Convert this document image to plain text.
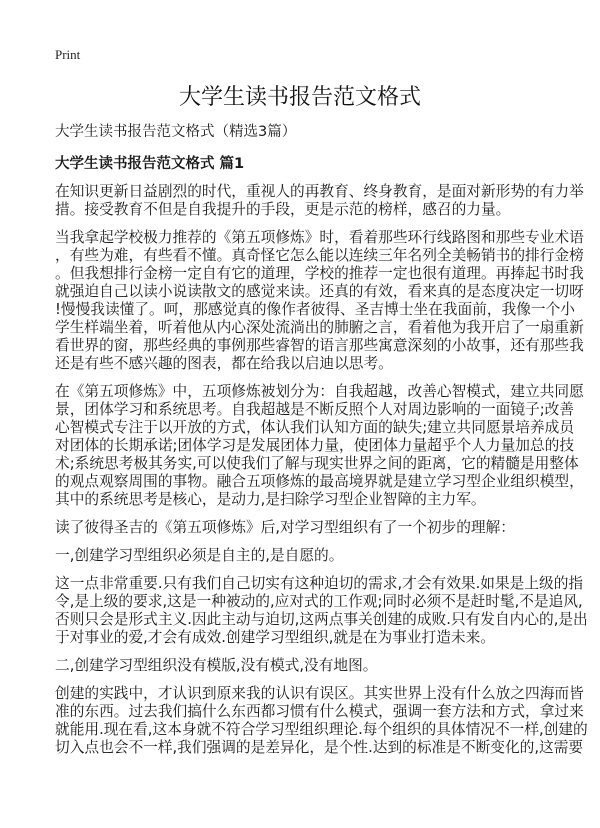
Print
大学生读书报告范文格式
大学生读书报告范文格式（精选3篇）
大学生读书报告范文格式 篇1

在知识更新日益剧烈的时代，重视人的再教育、终身教育，是面对新形势的有力举
措。接受教育不但是自我提升的手段，更是示范的榜样，感召的力量。

当我拿起学校极力推荐的《第五项修炼》时，看着那些环行线路图和那些专业术语
，有些为难，有些看不懂。真奇怪它怎么能以连续三年名列全美畅销书的排行金榜
。但我想排行金榜一定自有它的道理，学校的推荐一定也很有道理。再捧起书时我
就强迫自己以读小说读散文的感觉来读。还真的有效，看来真的是态度决定一切呀
!慢慢我读懂了。呵，那感觉真的像作者彼得、圣吉博士坐在我面前，我像一个小
学生样端坐着，听着他从内心深处流淌出的肺腑之言，看着他为我开启了一扇重新
看世界的窗，那些经典的事例那些睿智的语言那些寓意深刻的小故事，还有那些我
还是有些不感兴趣的图表，都在给我以启迪以思考。

在《第五项修炼》中，五项修炼被划分为：自我超越，改善心智模式，建立共同愿
景，团体学习和系统思考。自我超越是不断反照个人对周边影响的一面镜子;改善
心智模式专注于以开放的方式，体认我们认知方面的缺失;建立共同愿景培养成员
对团体的长期承诺;团体学习是发展团体力量，使团体力量超乎个人力量加总的技
术;系统思考极其务实,可以使我们了解与现实世界之间的距离，它的精髓是用整体
的观点观察周围的事物。融合五项修炼的最高境界就是建立学习型企业组织模型，
其中的系统思考是核心，是动力,是扫除学习型企业智障的主力军。

读了彼得圣吉的《第五项修炼》后,对学习型组织有了一个初步的理解：

一,创建学习型组织必须是自主的,是自愿的。

这一点非常重要.只有我们自己切实有这种迫切的需求,才会有效果.如果是上级的指
令,是上级的要求,这是一种被动的,应对式的工作观;同时必须不是赶时髦,不是追风,
否则只会是形式主义.因此主动与迫切,这两点事关创建的成败.只有发自内心的,是出
于对事业的爱,才会有成效.创建学习型组织,就是在为事业打造未来。

二,创建学习型组织没有模版,没有模式,没有地图。

创建的实践中，才认识到原来我的认识有误区。其实世界上没有什么放之四海而皆
准的东西。过去我们搞什么东西都习惯有什么模式，强调一套方法和方式，拿过来
就能用.现在看,这本身就不符合学习型组织理论.每个组织的具体情况不一样,创建的
切入点也会不一样,我们强调的是差异化，是个性.达到的标准是不断变化的,这需要
